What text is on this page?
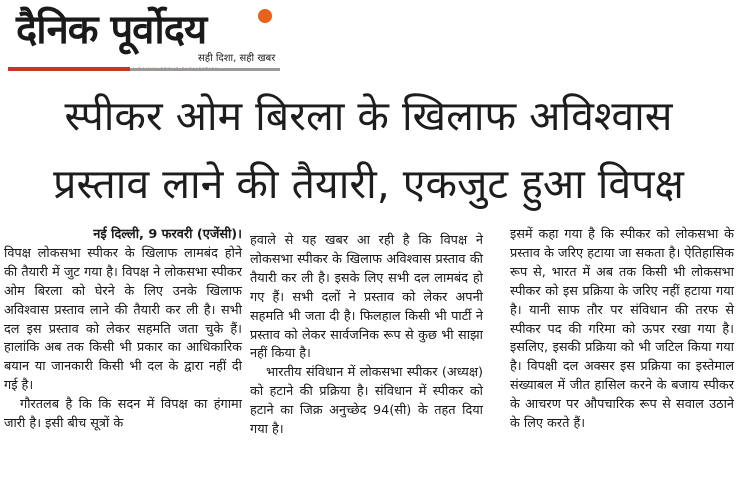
दैनिक पूर्वोदय
सही दिशा, सही खबर
स्पीकर ओम बिरला के खिलाफ अविश्वास
प्रस्ताव लाने की तैयारी, एकजुट हुआ विपक्ष
नई दिल्ली, 9 फरवरी (एजेंसी)।

विपक्ष लोकसभा स्पीकर के खिलाफ लामबंद होने की तैयारी में जुट गया है। विपक्ष ने लोकसभा स्पीकर ओम बिरला को घेरने के लिए उनके खिलाफ अविश्वास प्रस्ताव लाने की तैयारी कर ली है। सभी दल इस प्रस्ताव को लेकर सहमति जता चुके हैं। हालांकि अब तक किसी भी प्रकार का आधिकारिक बयान या जानकारी किसी भी दल के द्वारा नहीं दी गई है।

गौरतलब है कि कि सदन में विपक्ष का हंगामा जारी है। इसी बीच सूत्रों के

हवाले से यह खबर आ रही है कि विपक्ष ने लोकसभा स्पीकर के खिलाफ अविश्वास प्रस्ताव की तैयारी कर ली है। इसके लिए सभी दल लामबंद हो गए हैं। सभी दलों ने प्रस्ताव को लेकर अपनी सहमति भी जता दी है। फिलहाल किसी भी पार्टी ने प्रस्ताव को लेकर सार्वजनिक रूप से कुछ भी साझा नहीं किया है।

भारतीय संविधान में लोकसभा स्पीकर (अध्यक्ष) को हटाने की प्रक्रिया है। संविधान में स्पीकर को हटाने का जिक्र अनुच्छेद 94(सी) के तहत दिया गया है।

इसमें कहा गया है कि स्पीकर को लोकसभा के प्रस्ताव के जरिए हटाया जा सकता है। ऐतिहासिक रूप से, भारत में अब तक किसी भी लोकसभा स्पीकर को इस प्रक्रिया के जरिए नहीं हटाया गया है। यानी साफ तौर पर संविधान की तरफ से स्पीकर पद की गरिमा को ऊपर रखा गया है। इसलिए, इसकी प्रक्रिया को भी जटिल किया गया है। विपक्षी दल अक्सर इस प्रक्रिया का इस्तेमाल संख्याबल में जीत हासिल करने के बजाय स्पीकर के आचरण पर औपचारिक रूप से सवाल उठाने के लिए करते हैं।
